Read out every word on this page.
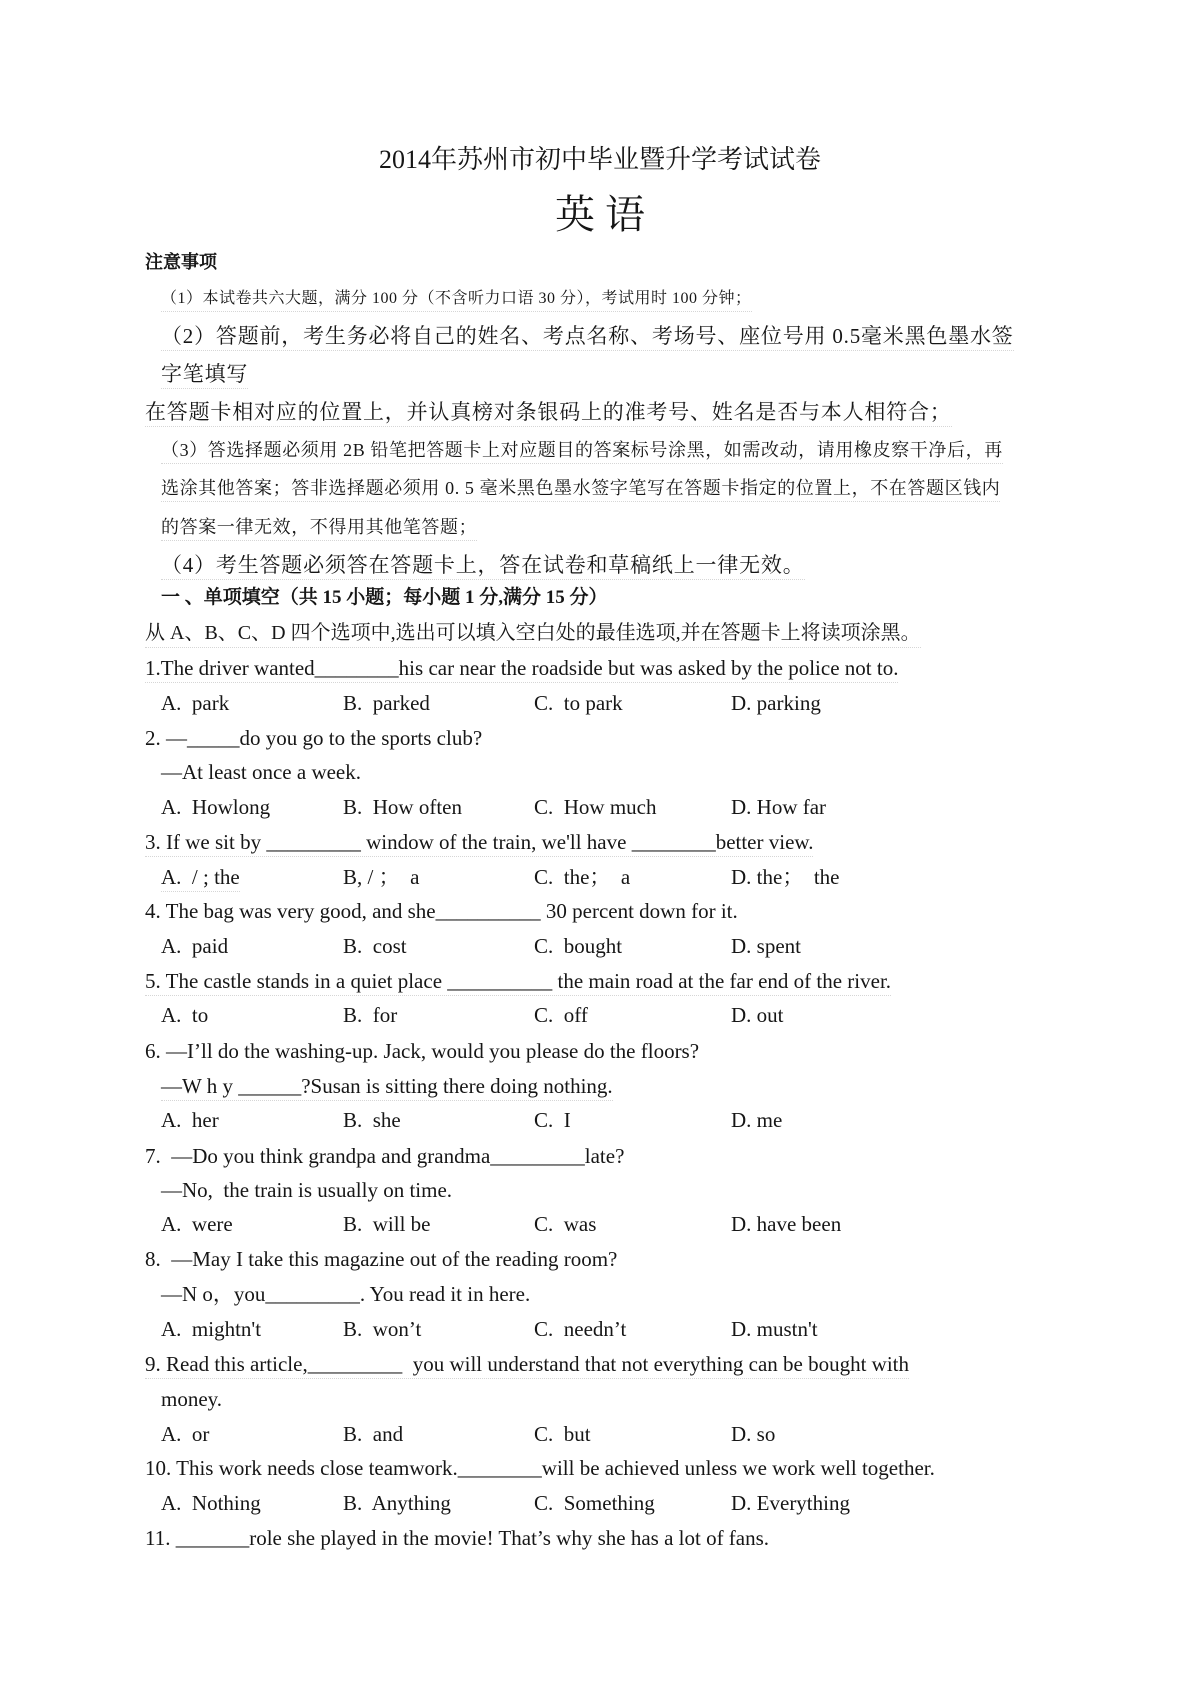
2014年苏州市初中毕业暨升学考试试卷
英 语
注意事项
（1）本试卷共六大题，满分 100 分（不含听力口语 30 分），考试用时 100 分钟；
（2）答题前，考生务必将自己的姓名、考点名称、考场号、座位号用 0.5毫米黑色墨水签
字笔填写
在答题卡相对应的位置上，并认真榜对条银码上的准考号、姓名是否与本人相符合；
（3）答选择题必须用 2B 铅笔把答题卡上对应题目的答案标号涂黑，如需改动，请用橡皮察干净后，再
选涂其他答案；答非选择题必须用 0. 5 毫米黑色墨水签字笔写在答题卡指定的位置上，不在答题区钱内
的答案一律无效，不得用其他笔答题；
（4）考生答题必须答在答题卡上，答在试卷和草稿纸上一律无效。
一 、单项填空（共 15 小题；每小题 1 分,满分 15 分）
从 A、B、C、D 四个选项中,选出可以填入空白处的最佳选项,并在答题卡上将读项涂黑。
1.The driver wanted________his car near the roadside but was asked by the police not to.
A.  park	B.  parked	C.  to park	D. parking
2. —_____do you go to the sports club?
—At least once a week.
A.  Howlong	B.  How often	C.  How much	D. How far
3. If we sit by _________ window of the train, we'll have ________better view.
A.  / ; the	B, / ；  a	C.  the；  a	D. the；  the
4. The bag was very good, and she__________ 30 percent down for it.
A.  paid	B.  cost	C.  bought	D. spent
5. The castle stands in a quiet place __________ the main road at the far end of the river.
A.  to	B.  for	C.  off	D. out
6. —I’ll do the washing-up. Jack, would you please do the floors?
—W h y ______?Susan is sitting there doing nothing.
A.  her	B.  she	C.  I	D. me
7.  —Do you think grandpa and grandma_________late?
—No,  the train is usually on time.
A.  were	B.  will be	C.  was	D. have been
8.  —May I take this magazine out of the reading room?
—N o，you_________. You read it in here.
A.  mightn't	B.  won’t	C.  needn’t	D. mustn't
9. Read this article,_________  you will understand that not everything can be bought with
money.
A.  or	B.  and	C.  but	D. so
10. This work needs close teamwork.________will be achieved unless we work well together.
A.  Nothing	B.  Anything	C.  Something	D. Everything
11. _______role she played in the movie! That’s why she has a lot of fans.
